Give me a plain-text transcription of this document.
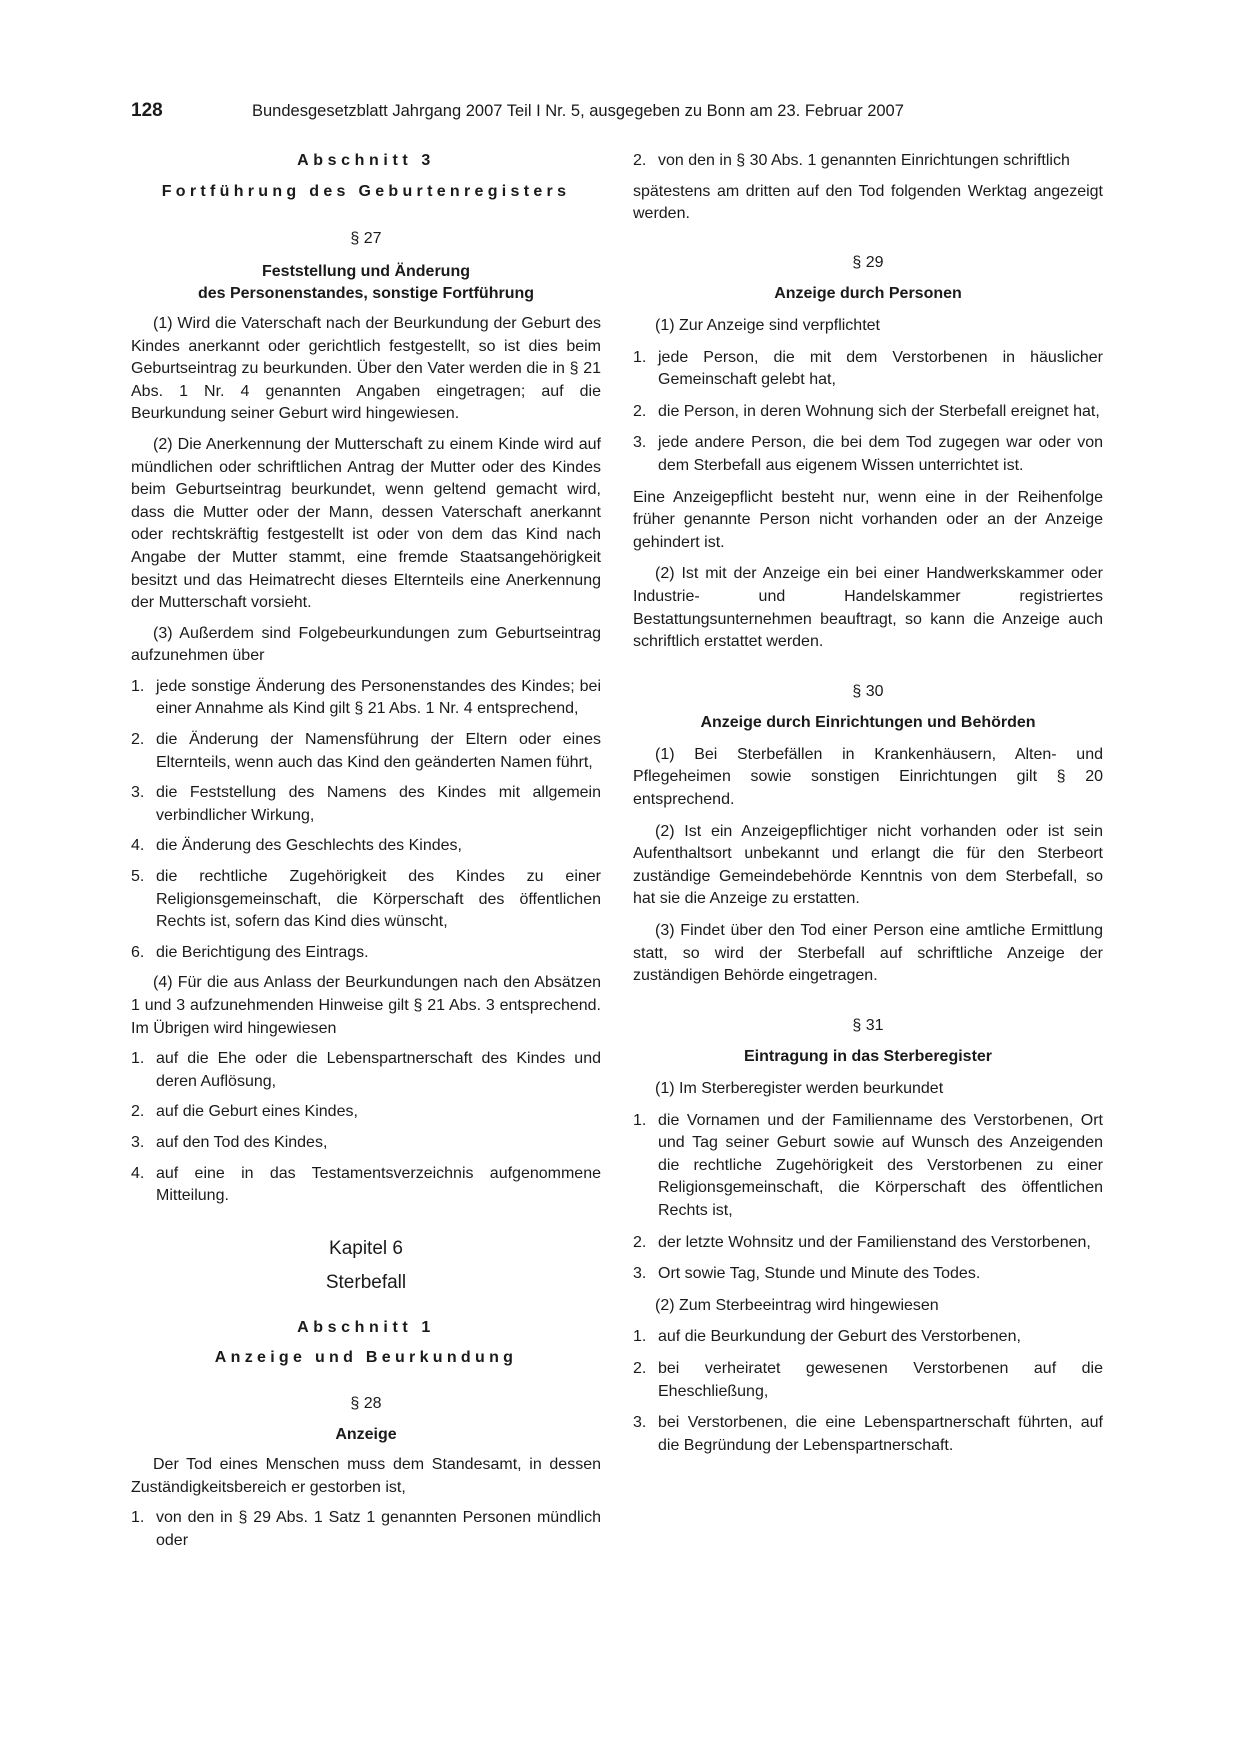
128	Bundesgesetzblatt Jahrgang 2007 Teil I Nr. 5, ausgegeben zu Bonn am 23. Februar 2007
Abschnitt 3
Fortführung des Geburtenregisters
§ 27
Feststellung und Änderung
des Personenstandes, sonstige Fortführung
(1) Wird die Vaterschaft nach der Beurkundung der Geburt des Kindes anerkannt oder gerichtlich festgestellt, so ist dies beim Geburtseintrag zu beurkunden. Über den Vater werden die in § 21 Abs. 1 Nr. 4 genannten Angaben eingetragen; auf die Beurkundung seiner Geburt wird hingewiesen.
(2) Die Anerkennung der Mutterschaft zu einem Kinde wird auf mündlichen oder schriftlichen Antrag der Mutter oder des Kindes beim Geburtseintrag beurkundet, wenn geltend gemacht wird, dass die Mutter oder der Mann, dessen Vaterschaft anerkannt oder rechtskräftig festgestellt ist oder von dem das Kind nach Angabe der Mutter stammt, eine fremde Staatsangehörigkeit besitzt und das Heimatrecht dieses Elternteils eine Anerkennung der Mutterschaft vorsieht.
(3) Außerdem sind Folgebeurkundungen zum Geburtseintrag aufzunehmen über
1. jede sonstige Änderung des Personenstandes des Kindes; bei einer Annahme als Kind gilt § 21 Abs. 1 Nr. 4 entsprechend,
2. die Änderung der Namensführung der Eltern oder eines Elternteils, wenn auch das Kind den geänderten Namen führt,
3. die Feststellung des Namens des Kindes mit allgemein verbindlicher Wirkung,
4. die Änderung des Geschlechts des Kindes,
5. die rechtliche Zugehörigkeit des Kindes zu einer Religionsgemeinschaft, die Körperschaft des öffentlichen Rechts ist, sofern das Kind dies wünscht,
6. die Berichtigung des Eintrags.
(4) Für die aus Anlass der Beurkundungen nach den Absätzen 1 und 3 aufzunehmenden Hinweise gilt § 21 Abs. 3 entsprechend. Im Übrigen wird hingewiesen
1. auf die Ehe oder die Lebenspartnerschaft des Kindes und deren Auflösung,
2. auf die Geburt eines Kindes,
3. auf den Tod des Kindes,
4. auf eine in das Testamentsverzeichnis aufgenommene Mitteilung.
Kapitel 6
Sterbefall
Abschnitt 1
Anzeige und Beurkundung
§ 28
Anzeige
Der Tod eines Menschen muss dem Standesamt, in dessen Zuständigkeitsbereich er gestorben ist,
1. von den in § 29 Abs. 1 Satz 1 genannten Personen mündlich oder
2. von den in § 30 Abs. 1 genannten Einrichtungen schriftlich
spätestens am dritten auf den Tod folgenden Werktag angezeigt werden.
§ 29
Anzeige durch Personen
(1) Zur Anzeige sind verpflichtet
1. jede Person, die mit dem Verstorbenen in häuslicher Gemeinschaft gelebt hat,
2. die Person, in deren Wohnung sich der Sterbefall ereignet hat,
3. jede andere Person, die bei dem Tod zugegen war oder von dem Sterbefall aus eigenem Wissen unterrichtet ist.
Eine Anzeigepflicht besteht nur, wenn eine in der Reihenfolge früher genannte Person nicht vorhanden oder an der Anzeige gehindert ist.
(2) Ist mit der Anzeige ein bei einer Handwerkskammer oder Industrie- und Handelskammer registriertes Bestattungsunternehmen beauftragt, so kann die Anzeige auch schriftlich erstattet werden.
§ 30
Anzeige durch Einrichtungen und Behörden
(1) Bei Sterbefällen in Krankenhäusern, Alten- und Pflegeheimen sowie sonstigen Einrichtungen gilt § 20 entsprechend.
(2) Ist ein Anzeigepflichtiger nicht vorhanden oder ist sein Aufenthaltsort unbekannt und erlangt die für den Sterbeort zuständige Gemeindebehörde Kenntnis von dem Sterbefall, so hat sie die Anzeige zu erstatten.
(3) Findet über den Tod einer Person eine amtliche Ermittlung statt, so wird der Sterbefall auf schriftliche Anzeige der zuständigen Behörde eingetragen.
§ 31
Eintragung in das Sterberegister
(1) Im Sterberegister werden beurkundet
1. die Vornamen und der Familienname des Verstorbenen, Ort und Tag seiner Geburt sowie auf Wunsch des Anzeigenden die rechtliche Zugehörigkeit des Verstorbenen zu einer Religionsgemeinschaft, die Körperschaft des öffentlichen Rechts ist,
2. der letzte Wohnsitz und der Familienstand des Verstorbenen,
3. Ort sowie Tag, Stunde und Minute des Todes.
(2) Zum Sterbeeintrag wird hingewiesen
1. auf die Beurkundung der Geburt des Verstorbenen,
2. bei verheiratet gewesenen Verstorbenen auf die Eheschließung,
3. bei Verstorbenen, die eine Lebenspartnerschaft führten, auf die Begründung der Lebenspartnerschaft.
